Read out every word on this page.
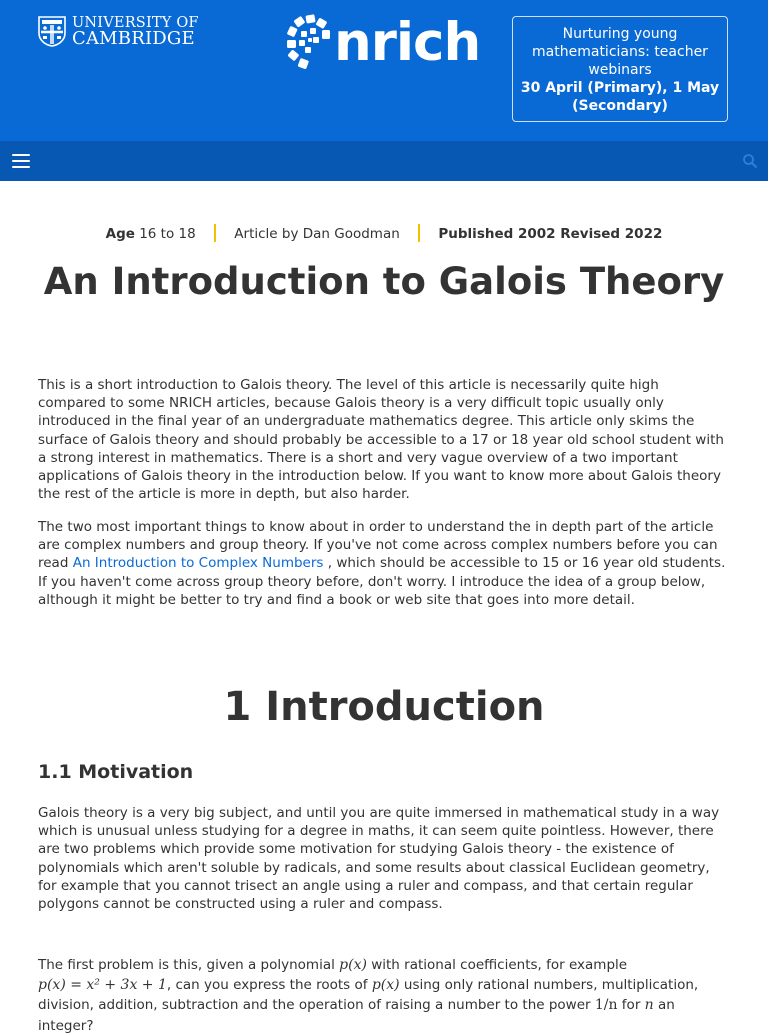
UNIVERSITY OF
CAMBRIDGE	nrich	Nurturing young mathematicians: teacher webinars
30 April (Primary), 1 May (Secondary)
Age 16 to 18	Article by Dan Goodman	Published 2002 Revised 2022
An Introduction to Galois Theory

This is a short introduction to Galois theory. The level of this article is necessarily quite high compared to some NRICH articles, because Galois theory is a very difficult topic usually only introduced in the final year of an undergraduate mathematics degree. This article only skims the surface of Galois theory and should probably be accessible to a 17 or 18 year old school student with a strong interest in mathematics. There is a short and very vague overview of a two important applications of Galois theory in the introduction below. If you want to know more about Galois theory the rest of the article is more in depth, but also harder.

The two most important things to know about in order to understand the in depth part of the article are complex numbers and group theory. If you've not come across complex numbers before you can read An Introduction to Complex Numbers , which should be accessible to 15 or 16 year old students. If you haven't come across group theory before, don't worry. I introduce the idea of a group below, although it might be better to try and find a book or web site that goes into more detail.

1 Introduction
1.1 Motivation

Galois theory is a very big subject, and until you are quite immersed in mathematical study in a way which is unusual unless studying for a degree in maths, it can seem quite pointless. However, there are two problems which provide some motivation for studying Galois theory - the existence of polynomials which aren't soluble by radicals, and some results about classical Euclidean geometry, for example that you cannot trisect an angle using a ruler and compass, and that certain regular polygons cannot be constructed using a ruler and compass.

The first problem is this, given a polynomial p(x) with rational coefficients, for example
p(x) = x² + 3x + 1, can you express the roots of p(x) using only rational numbers, multiplication, division, addition, subtraction and the operation of raising a number to the power 1/n for n an integer?
